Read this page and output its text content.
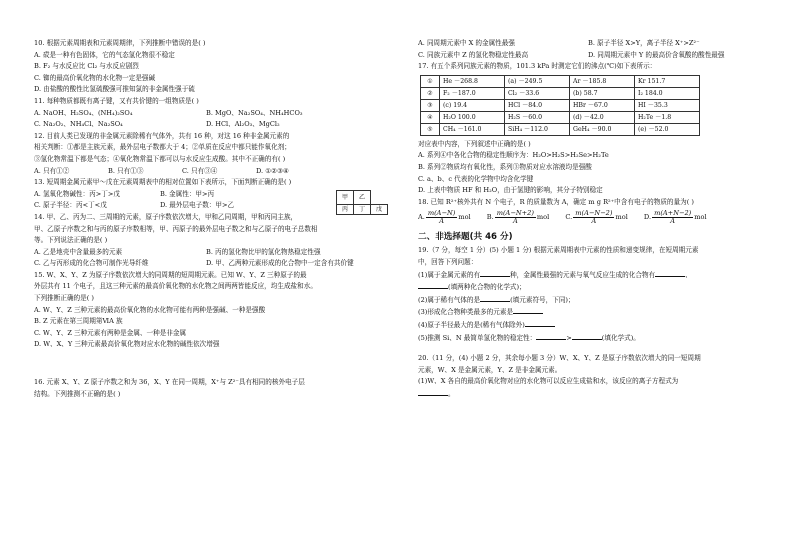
10. 根据元素周期表和元素周期律，下列推断中错误的是( )
A. 砹是一种有色固体，它的气态氢化物很不稳定
B. F₂ 与水反应比 Cl₂ 与水反应剧烈
C. 铷的最高价氧化物的水化物一定是强碱
D. 由盐酸的酸性比氢硫酸强可推知氯的非金属性强于硫
11. 每种物质都既有离子键，又有共价键的一组物质是( )
A. NaOH、H₂SO₄、(NH₄)₂SO₄	B. MgO、Na₂SO₄、NH₄HCO₃
C. Na₂O₂、NH₄Cl、Na₂SO₄	D. HCl、Al₂O₃、MgCl₂
12. 目前人类已发现的非金属元素除稀有气体外，共有 16 种，对这 16 种非金属元素的
相关判断：①都是主族元素，最外层电子数都大于 4；②单质在反应中都只能作氧化剂；
③氢化物常温下都是气态；④氧化物常温下都可以与水反应生成酸。其中不正确的有( )
A. 只有①②	B. 只有①③	C. 只有③④	D. ①②③④
13. 短周期金属元素甲～戊在元素周期表中的相对位置如下表所示，下面判断正确的是( )
A. 氢氧化物碱性：丙>丁>戊	B. 金属性：甲>丙
C. 原子半径：丙<丁<戊	D. 最外层电子数：甲>乙
甲	乙	
丙	丁	戊
14. 甲、乙、丙为二、三周期的元素，原子序数依次增大，甲和乙同周期，甲和丙同主族，
甲、乙原子序数之和与丙的原子序数相等，甲、丙原子的最外层电子数之和与乙原子的电子总数相
等。下列说法正确的是( )
A. 乙是地壳中含量最多的元素	B. 丙的氢化物比甲的氢化物热稳定性强
C. 乙与丙形成的化合物可制作光导纤维	D. 甲、乙两种元素形成的化合物中一定含有共价键
15. W、X、Y、Z 为原子序数依次增大的同周期的短周期元素。已知 W、Y、Z 三种原子的最
外层共有 11 个电子，且这三种元素的最高价氧化物的水化物之间两两皆能反应，均生成盐和水。
下列推断正确的是( )
A. W、Y、Z 三种元素的最高价氧化物的水化物可能有两种是强碱、一种是强酸
B. Z 元素在第三周期第ⅥA 族
C. W、Y、Z 三种元素有两种是金属、一种是非金属
D. W、X、Y 三种元素最高价氧化物对应水化物的碱性依次增强
16. 元素 X、Y、Z 原子序数之和为 36，X、Y 在同一周期，X⁺与 Z²⁻具有相同的核外电子层
结构。下列推测不正确的是( )
A. 同周期元素中 X 的金属性最强	B. 原子半径 X>Y，离子半径 X⁺>Z²⁻
C. 同族元素中 Z 的氢化物稳定性最高	D. 同周期元素中 Y 的最高价含氧酸的酸性最强
17. 有五个系列同族元素的物质，101.3 kPa 时测定它们的沸点(℃)如下表所示：
①	He －268.8	(a) －249.5	Ar －185.8	Kr 151.7
②	F₂ －187.0	Cl₂ －33.6	(b) 58.7	I₂ 184.0
③	(c) 19.4	HCl －84.0	HBr －67.0	HI －35.3
④	H₂O 100.0	H₂S －60.0	(d) －42.0	H₂Te －1.8
⑤	CH₄ －161.0	SiH₄ －112.0	GeH₄ －90.0	(e) －52.0
对应表中内容，下列叙述中正确的是( )
A. 系列④中各化合物的稳定性顺序为：H₂O>H₂S>H₂Se>H₂Te
B. 系列②物质均有氧化性，系列③物质对应水溶液均是强酸
C. a、b、c 代表的化学物中均含化学键
D. 上表中物质 HF 和 H₂O，由于氢键的影响，其分子特别稳定
18. 已知 R²⁺核外共有 N 个电子，R 的质量数为 A，确定 m g R²⁺中含有电子的物质的量为( )
A. $\frac{m(A-N)}{A}$ mol B. $\frac{m(A-N+2)}{A}$ mol C. $\frac{m(A-N-2)}{A}$ mol D. $\frac{m(A+N-2)}{A}$ mol
二、非选择题(共 46 分)
19.（7 分，每空 1 分）(5) 小题 1 分) 根据元素周期表中元素的性质和递变规律，在短周期元素
中，回答下列问题：
(1)属于金属元素的有	种，金属性最强的元素与氧气反应生成的化合物有	、
(填两种化合物的化学式)；
(2)属于稀有气体的是	(填元素符号，下同)；
(3)形成化合物种类最多的元素是
(4)原子半径最大的是(稀有气体除外)
(5)推测 Si、N 最简单氢化物的稳定性：	>	(填化学式)。
20.（11 分，(4) 小题 2 分，其余每小题 3 分）W、X、Y、Z 是原子序数依次增大的同一短周期
元素，W、X 是金属元素，Y、Z 是非金属元素。
(1)W、X 各自的最高价氧化物对应的水化物可以反应生成盐和水，该反应的离子方程式为
。
